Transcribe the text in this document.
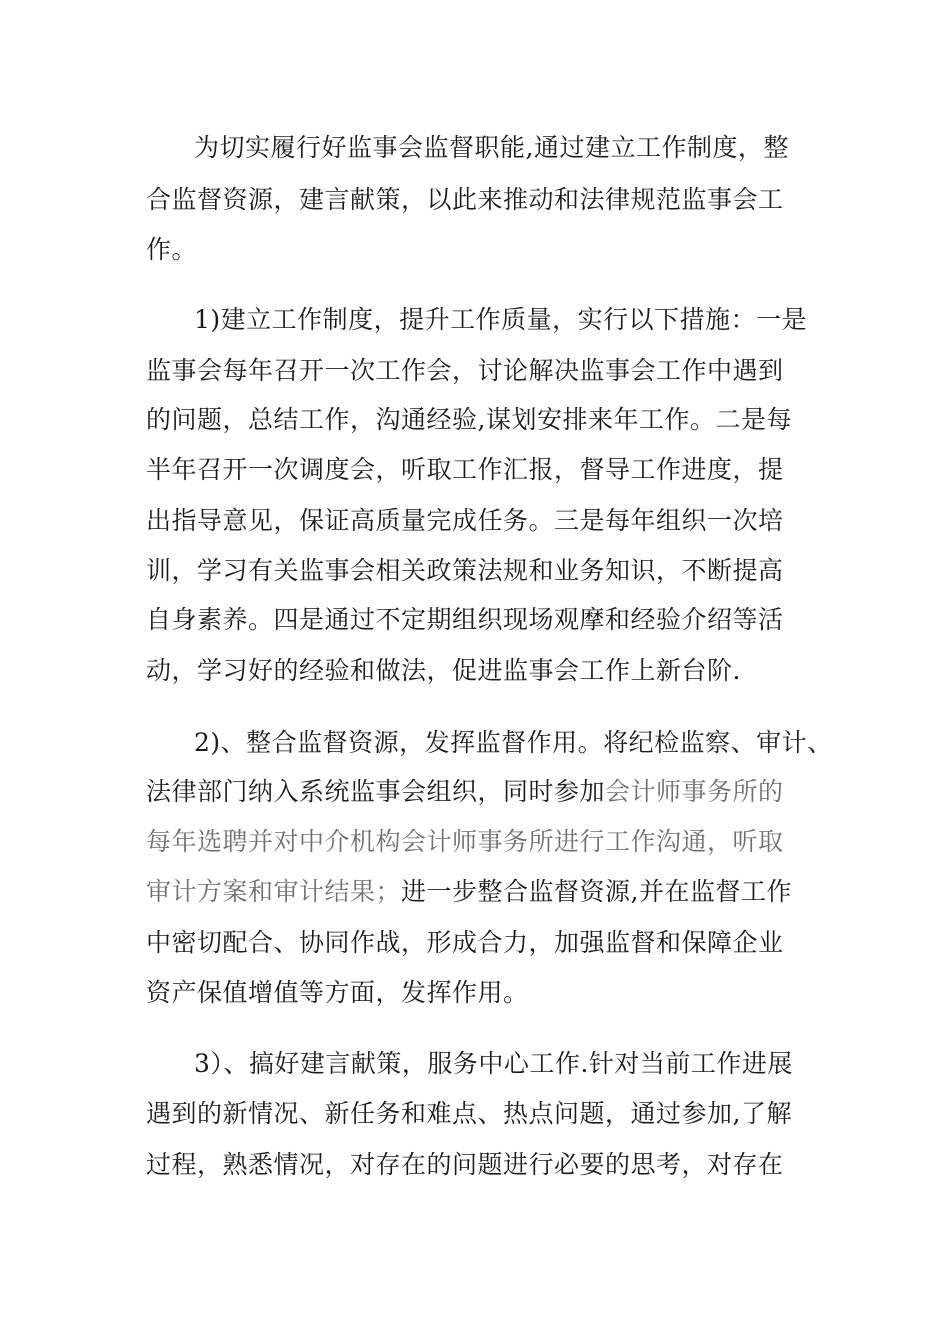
为切实履行好监事会监督职能,通过建立工作制度，整
合监督资源，建言献策，以此来推动和法律规范监事会工
作。
1)建立工作制度，提升工作质量，实行以下措施：一是
监事会每年召开一次工作会，讨论解决监事会工作中遇到
的问题，总结工作，沟通经验,谋划安排来年工作。二是每
半年召开一次调度会，听取工作汇报，督导工作进度，提
出指导意见，保证高质量完成任务。三是每年组织一次培
训，学习有关监事会相关政策法规和业务知识，不断提高
自身素养。四是通过不定期组织现场观摩和经验介绍等活
动，学习好的经验和做法，促进监事会工作上新台阶.
2)、整合监督资源，发挥监督作用。将纪检监察、审计、
法律部门纳入系统监事会组织，同时参加会计师事务所的
每年选聘并对中介机构会计师事务所进行工作沟通，听取
审计方案和审计结果；进一步整合监督资源,并在监督工作
中密切配合、协同作战，形成合力，加强监督和保障企业
资产保值增值等方面，发挥作用。
3）、搞好建言献策，服务中心工作.针对当前工作进展
遇到的新情况、新任务和难点、热点问题，通过参加,了解
过程，熟悉情况，对存在的问题进行必要的思考，对存在
